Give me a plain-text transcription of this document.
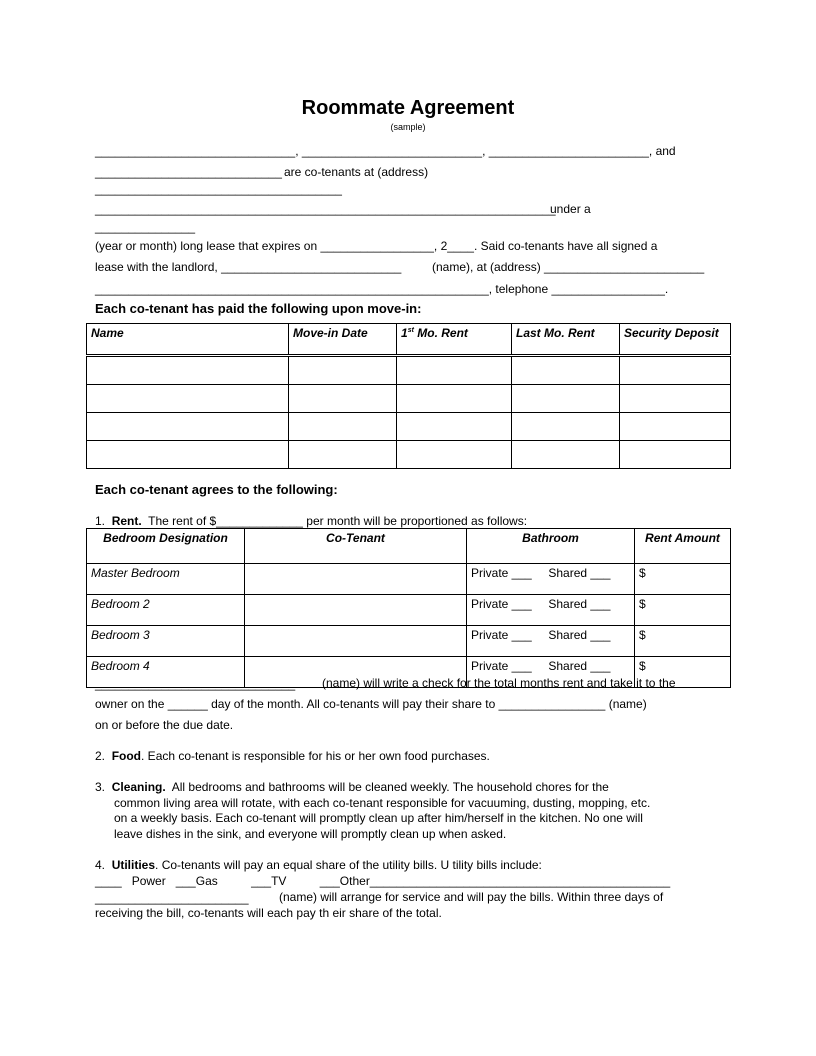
Roommate Agreement
(sample)
______________________________, ___________________________, ________________________, and
____________________________ are co-tenants at (address)
_____________________________________
_____________________________________________________________________
under a
_______________
(year or month) long lease that expires on _________________, 2____. Said co-tenants have all signed a
lease with the landlord, ___________________________	(name), at (address) ________________________
___________________________________________________________, telephone _________________.
Each co-tenant has paid the following upon move-in:
Name	Move-in Date	1st Mo. Rent	Last Mo. Rent	Security Deposit

Each co-tenant agrees to the following:
1. Rent. The rent of $_____________ per month will be proportioned as follows:
Bedroom Designation	Co-Tenant	Bathroom	Rent Amount
Master Bedroom		Private ___     Shared ___	$
Bedroom 2		Private ___     Shared ___	$
Bedroom 3		Private ___     Shared ___	$
Bedroom 4		Private ___     Shared ___	$
______________________________ (name) will write a check for the total months rent and take it to the
owner on the ______ day of the month. All co-tenants will pay their share to ________________ (name)
on or before the due date.
2. Food. Each co-tenant is responsible for his or her own food purchases.
3. Cleaning. All bedrooms and bathrooms will be cleaned weekly. The household chores for the
common living area will rotate, with each co-tenant responsible for vacuuming, dusting, mopping, etc.
on a weekly basis. Each co-tenant will promptly clean up after him/herself in the kitchen. No one will
leave dishes in the sink, and everyone will promptly clean up when asked.
4. Utilities. Co-tenants will pay an equal share of the utility bills. U tility bills include:
____   Power   ___Gas          ___TV          ___Other_____________________________________________
_______________________	(name) will arrange for service and will pay the bills. Within three days of
receiving the bill, co-tenants will each pay th eir share of the total.
